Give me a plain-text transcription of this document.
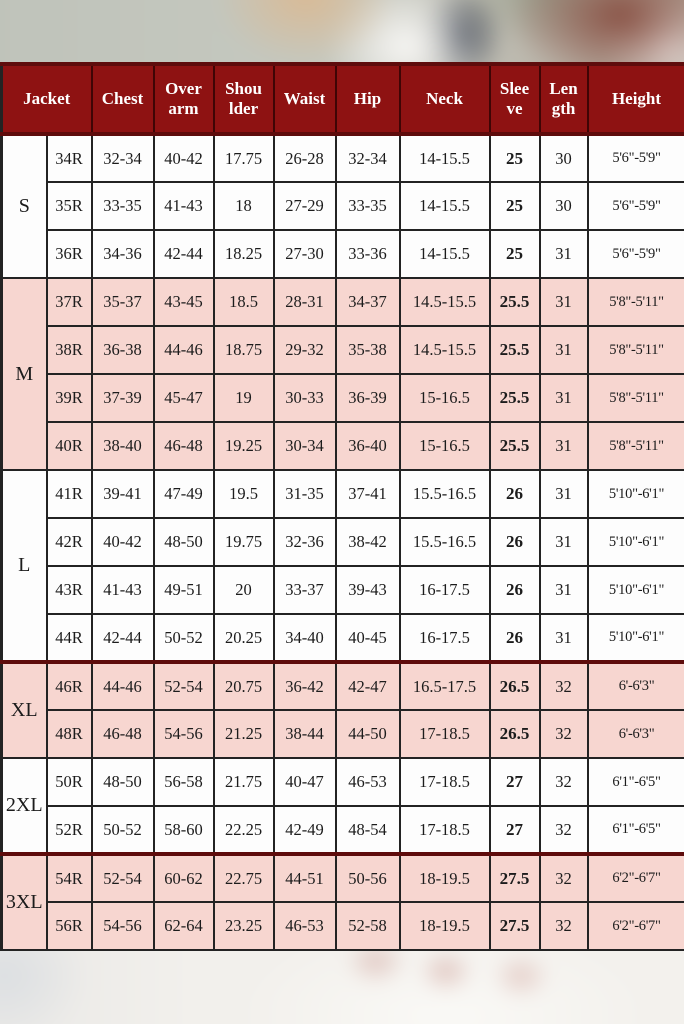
Jacket		Chest	Over arm	Shou lder	Waist	Hip	Neck	Slee ve	Len gth	Height
S	34R	32-34	40-42	17.75	26-28	32-34	14-15.5	25	30	5'6"-5'9"
	35R	33-35	41-43	18	27-29	33-35	14-15.5	25	30	5'6"-5'9"
	36R	34-36	42-44	18.25	27-30	33-36	14-15.5	25	31	5'6"-5'9"
M	37R	35-37	43-45	18.5	28-31	34-37	14.5-15.5	25.5	31	5'8"-5'11"
	38R	36-38	44-46	18.75	29-32	35-38	14.5-15.5	25.5	31	5'8"-5'11"
	39R	37-39	45-47	19	30-33	36-39	15-16.5	25.5	31	5'8"-5'11"
	40R	38-40	46-48	19.25	30-34	36-40	15-16.5	25.5	31	5'8"-5'11"
L	41R	39-41	47-49	19.5	31-35	37-41	15.5-16.5	26	31	5'10"-6'1"
	42R	40-42	48-50	19.75	32-36	38-42	15.5-16.5	26	31	5'10"-6'1"
	43R	41-43	49-51	20	33-37	39-43	16-17.5	26	31	5'10"-6'1"
	44R	42-44	50-52	20.25	34-40	40-45	16-17.5	26	31	5'10"-6'1"
XL	46R	44-46	52-54	20.75	36-42	42-47	16.5-17.5	26.5	32	6'-6'3"
	48R	46-48	54-56	21.25	38-44	44-50	17-18.5	26.5	32	6'-6'3"
2XL	50R	48-50	56-58	21.75	40-47	46-53	17-18.5	27	32	6'1"-6'5"
	52R	50-52	58-60	22.25	42-49	48-54	17-18.5	27	32	6'1"-6'5"
3XL	54R	52-54	60-62	22.75	44-51	50-56	18-19.5	27.5	32	6'2"-6'7"
	56R	54-56	62-64	23.25	46-53	52-58	18-19.5	27.5	32	6'2"-6'7"
